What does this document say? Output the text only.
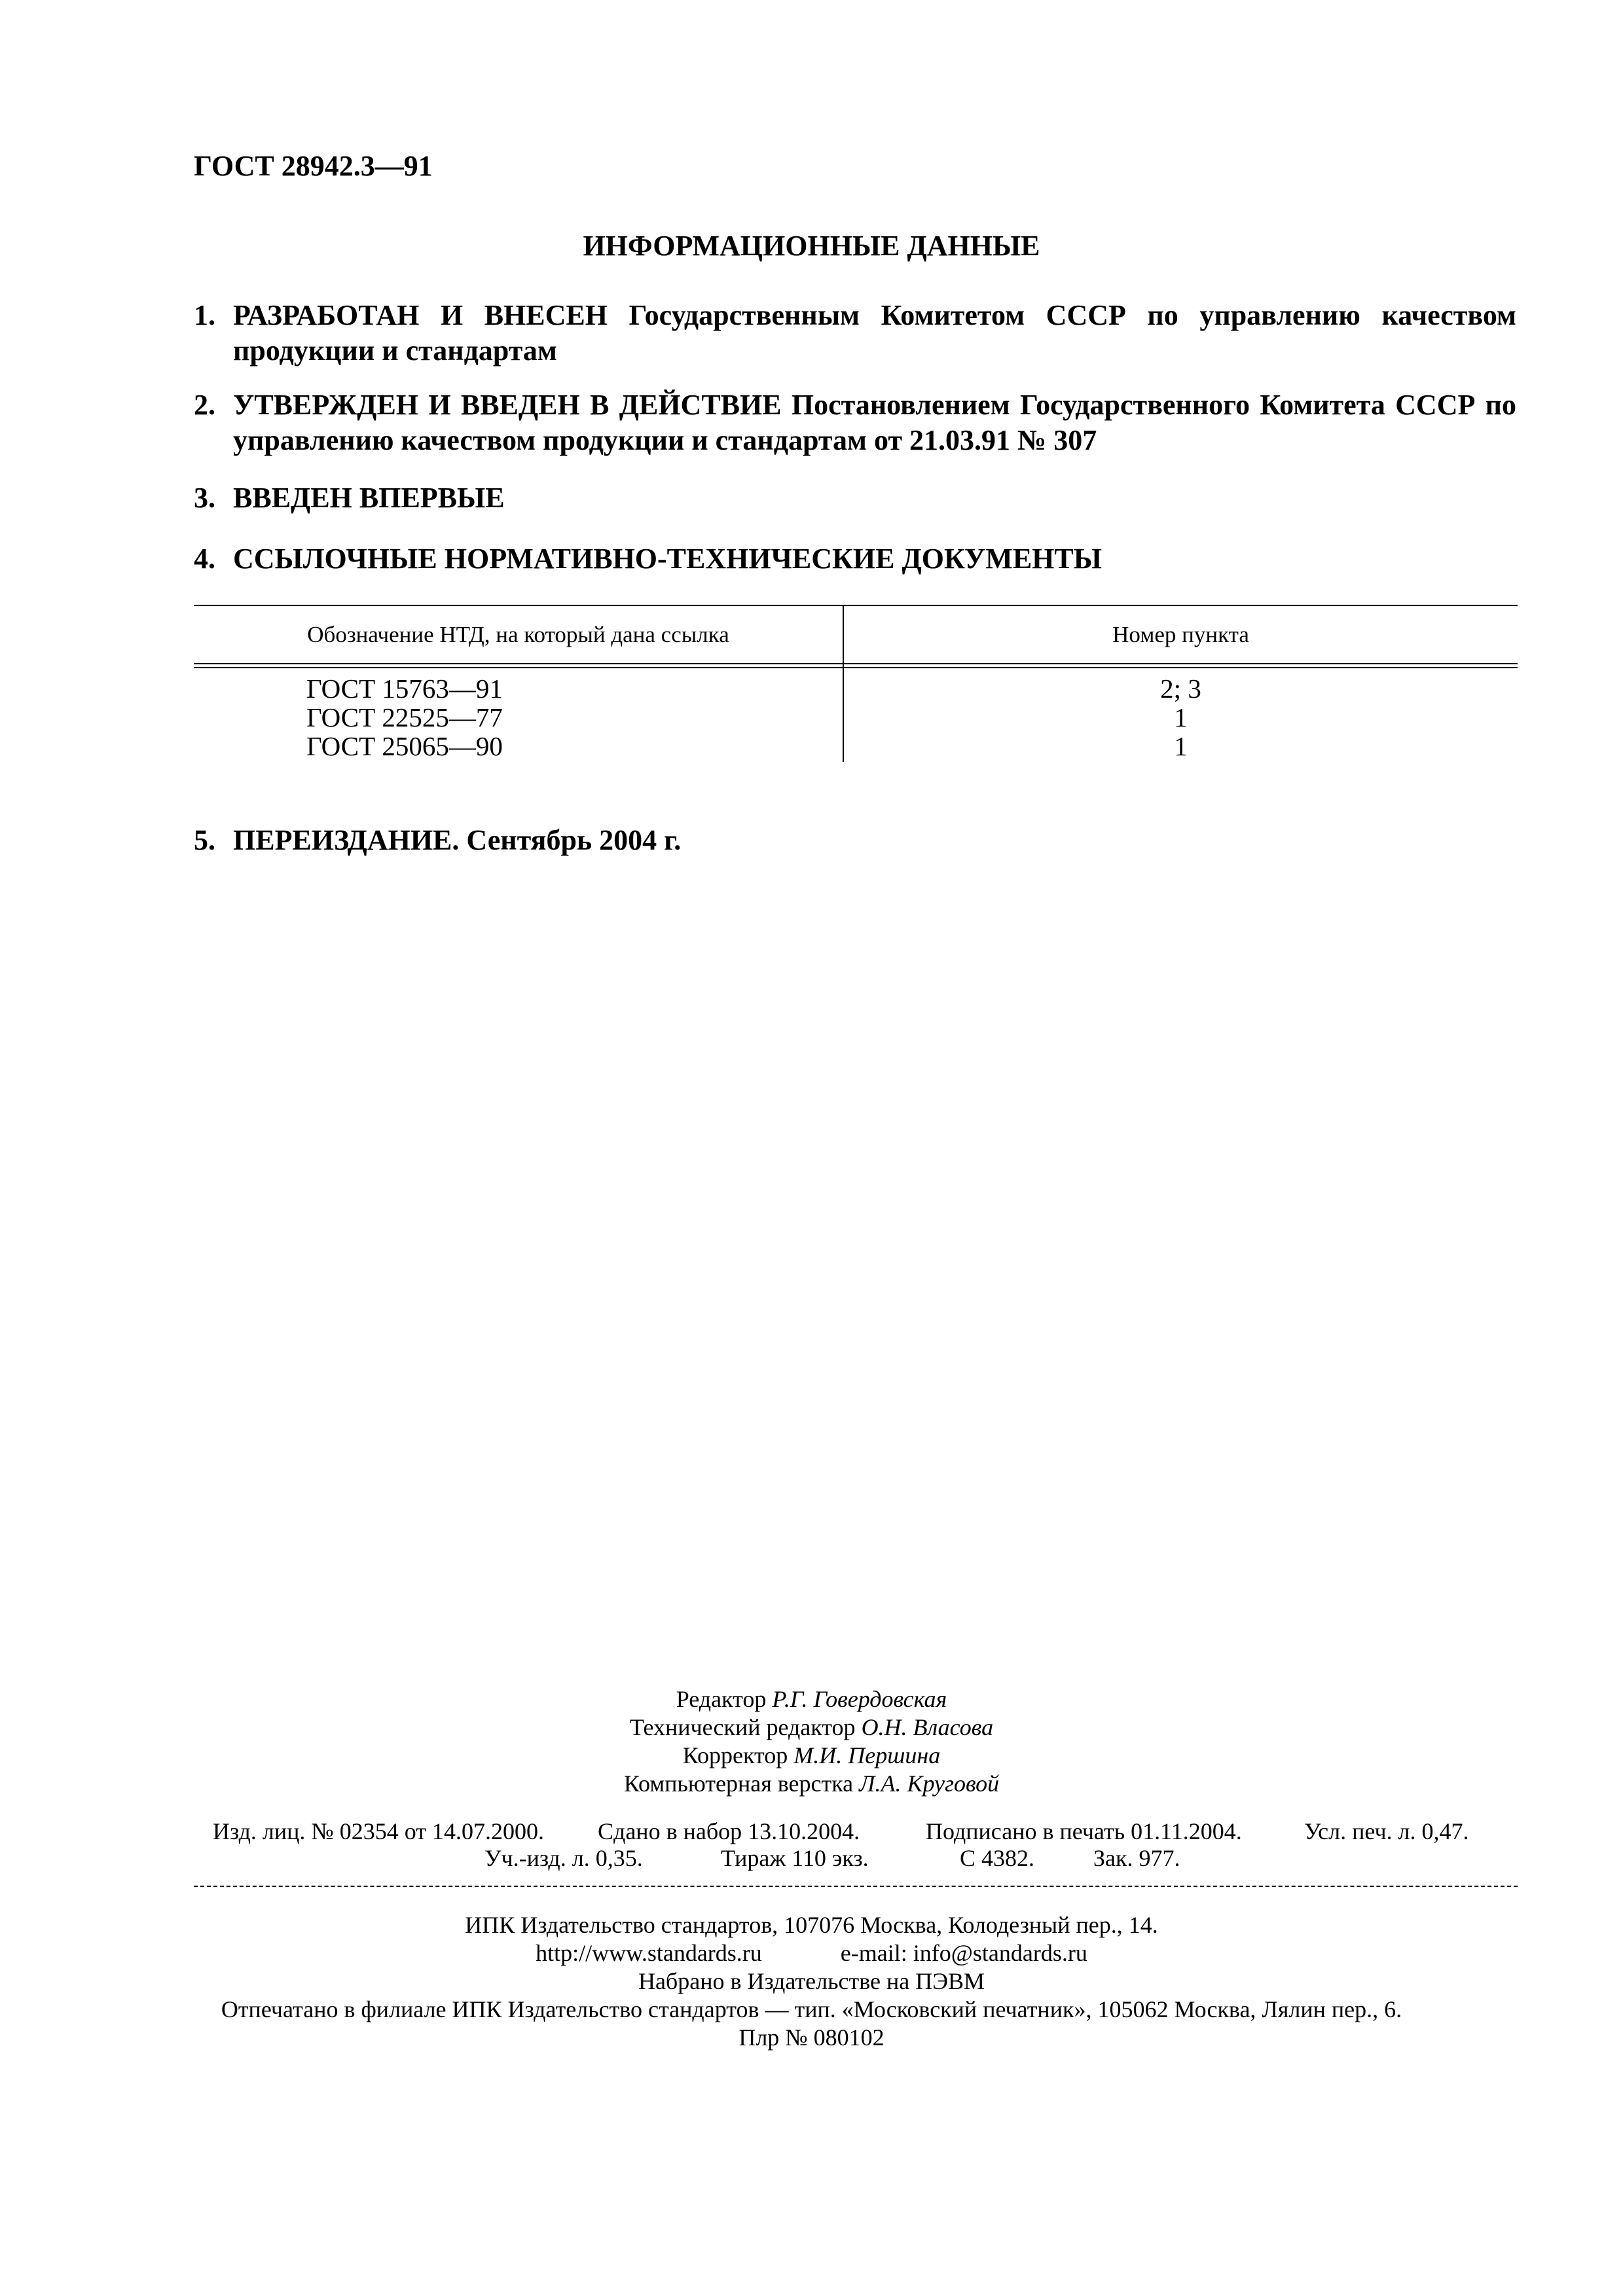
ГОСТ 28942.3—91
ИНФОРМАЦИОННЫЕ ДАННЫЕ
1. РАЗРАБОТАН И ВНЕСЕН Государственным Комитетом СССР по управлению качеством продукции и стандартам
2. УТВЕРЖДЕН И ВВЕДЕН В ДЕЙСТВИЕ Постановлением Государственного Комитета СССР по управлению качеством продукции и стандартам от 21.03.91 № 307
3. ВВЕДЕН ВПЕРВЫЕ
4. ССЫЛОЧНЫЕ НОРМАТИВНО-ТЕХНИЧЕСКИЕ ДОКУМЕНТЫ
Обозначение НТД, на который дана ссылка	Номер пункта
ГОСТ 15763—91	2; 3
ГОСТ 22525—77	1
ГОСТ 25065—90	1
5. ПЕРЕИЗДАНИЕ. Сентябрь 2004 г.
Редактор Р.Г. Говердовская
Технический редактор О.Н. Власова
Корректор М.И. Першина
Компьютерная верстка Л.А. Круговой
Изд. лиц. № 02354 от 14.07.2000. Сдано в набор 13.10.2004.	Подписано в печать 01.11.2004.	Усл. печ. л. 0,47.
Уч.-изд. л. 0,35.	Тираж 110 экз.	С 4382. Зак. 977.
ИПК Издательство стандартов, 107076 Москва, Колодезный пер., 14.
http://www.standards.ru	e-mail: info@standards.ru
Набрано в Издательстве на ПЭВМ
Отпечатано в филиале ИПК Издательство стандартов — тип. «Московский печатник», 105062 Москва, Лялин пер., 6.
Плр № 080102
